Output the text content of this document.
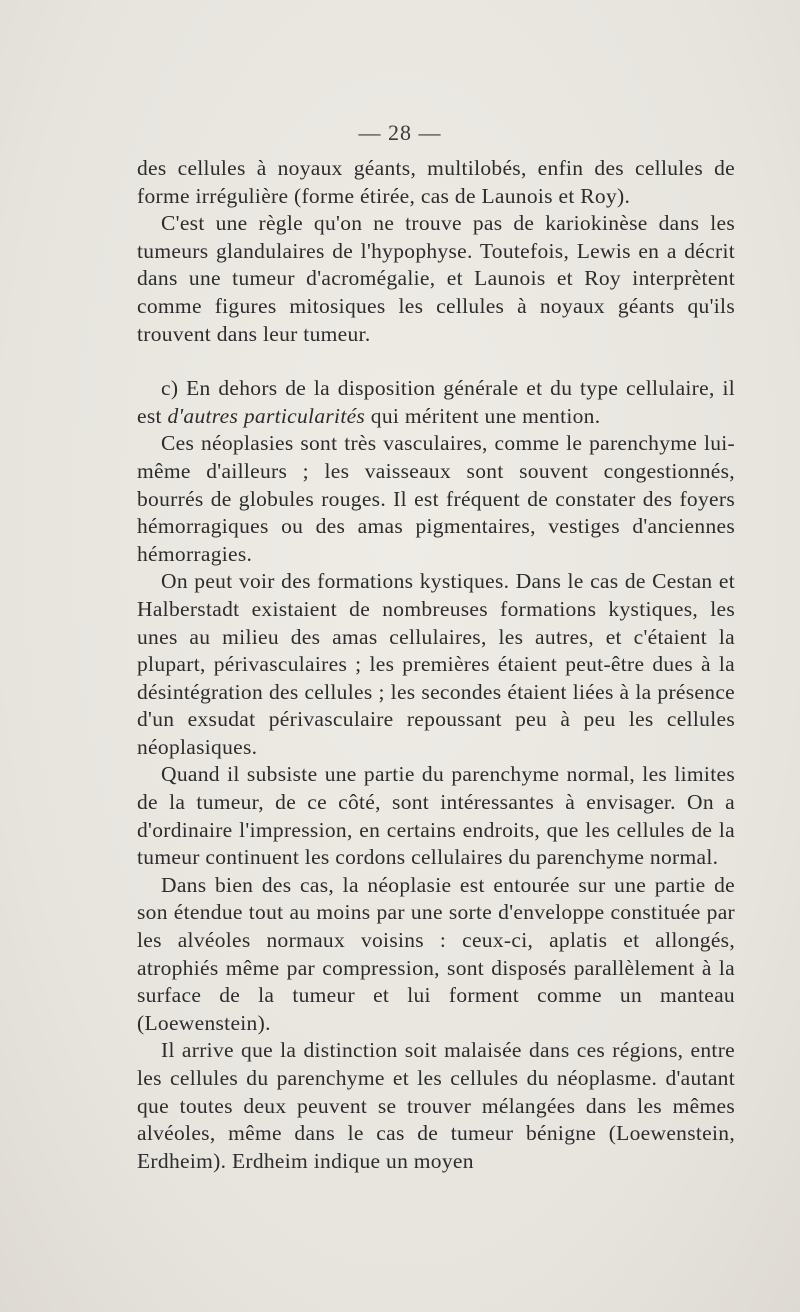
— 28 —

des cellules à noyaux géants, multilobés, enfin des cellules de forme irrégulière (forme étirée, cas de Launois et Roy).

C'est une règle qu'on ne trouve pas de kariokinèse dans les tumeurs glandulaires de l'hypophyse. Toutefois, Lewis en a décrit dans une tumeur d'acromégalie, et Launois et Roy interprètent comme figures mitosiques les cellules à noyaux géants qu'ils trouvent dans leur tumeur.

c) En dehors de la disposition générale et du type cellulaire, il est d'autres particularités qui méritent une mention.

Ces néoplasies sont très vasculaires, comme le parenchyme lui-même d'ailleurs ; les vaisseaux sont souvent congestionnés, bourrés de globules rouges. Il est fréquent de constater des foyers hémorragiques ou des amas pigmentaires, vestiges d'anciennes hémorragies.

On peut voir des formations kystiques. Dans le cas de Cestan et Halberstadt existaient de nombreuses formations kystiques, les unes au milieu des amas cellulaires, les autres, et c'étaient la plupart, périvasculaires ; les premières étaient peut-être dues à la désintégration des cellules ; les secondes étaient liées à la présence d'un exsudat périvasculaire repoussant peu à peu les cellules néoplasiques.

Quand il subsiste une partie du parenchyme normal, les limites de la tumeur, de ce côté, sont intéressantes à envisager. On a d'ordinaire l'impression, en certains endroits, que les cellules de la tumeur continuent les cordons cellulaires du parenchyme normal.

Dans bien des cas, la néoplasie est entourée sur une partie de son étendue tout au moins par une sorte d'enveloppe constituée par les alvéoles normaux voisins : ceux-ci, aplatis et allongés, atrophiés même par compression, sont disposés parallèlement à la surface de la tumeur et lui forment comme un manteau (Loewenstein).

Il arrive que la distinction soit malaisée dans ces régions, entre les cellules du parenchyme et les cellules du néoplasme. d'autant que toutes deux peuvent se trouver mélangées dans les mêmes alvéoles, même dans le cas de tumeur bénigne (Loewenstein, Erdheim). Erdheim indique un moyen
